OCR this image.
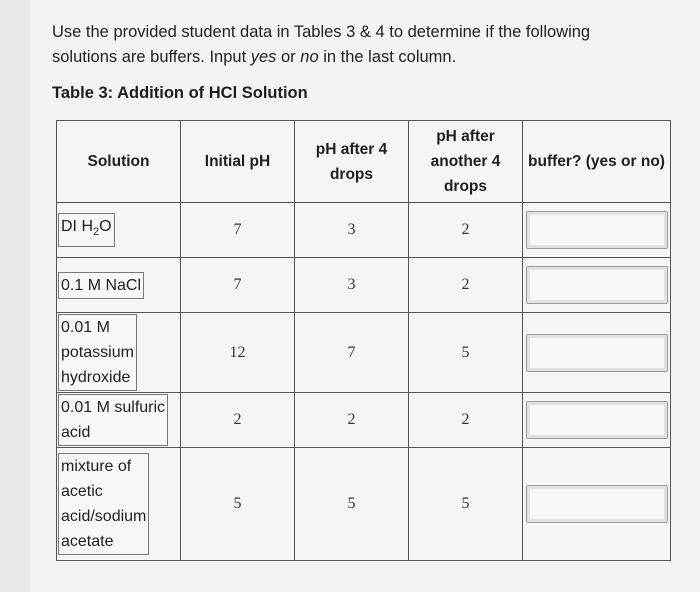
Use the provided student data in Tables 3 & 4 to determine if the following
solutions are buffers. Input yes or no in the last column.

Table 3: Addition of HCl Solution
Solution	Initial pH	pH after 4
drops	pH after
another 4
drops	buffer? (yes or no)
DI $H_2O$	7	3	2	
0.1 M NaCl	7	3	2	
0.01 M
potassium
hydroxide	12	7	5	
0.01 M sulfuric
acid	2	2	2	
mixture of
acetic
acid/sodium
acetate	5	5	5	
